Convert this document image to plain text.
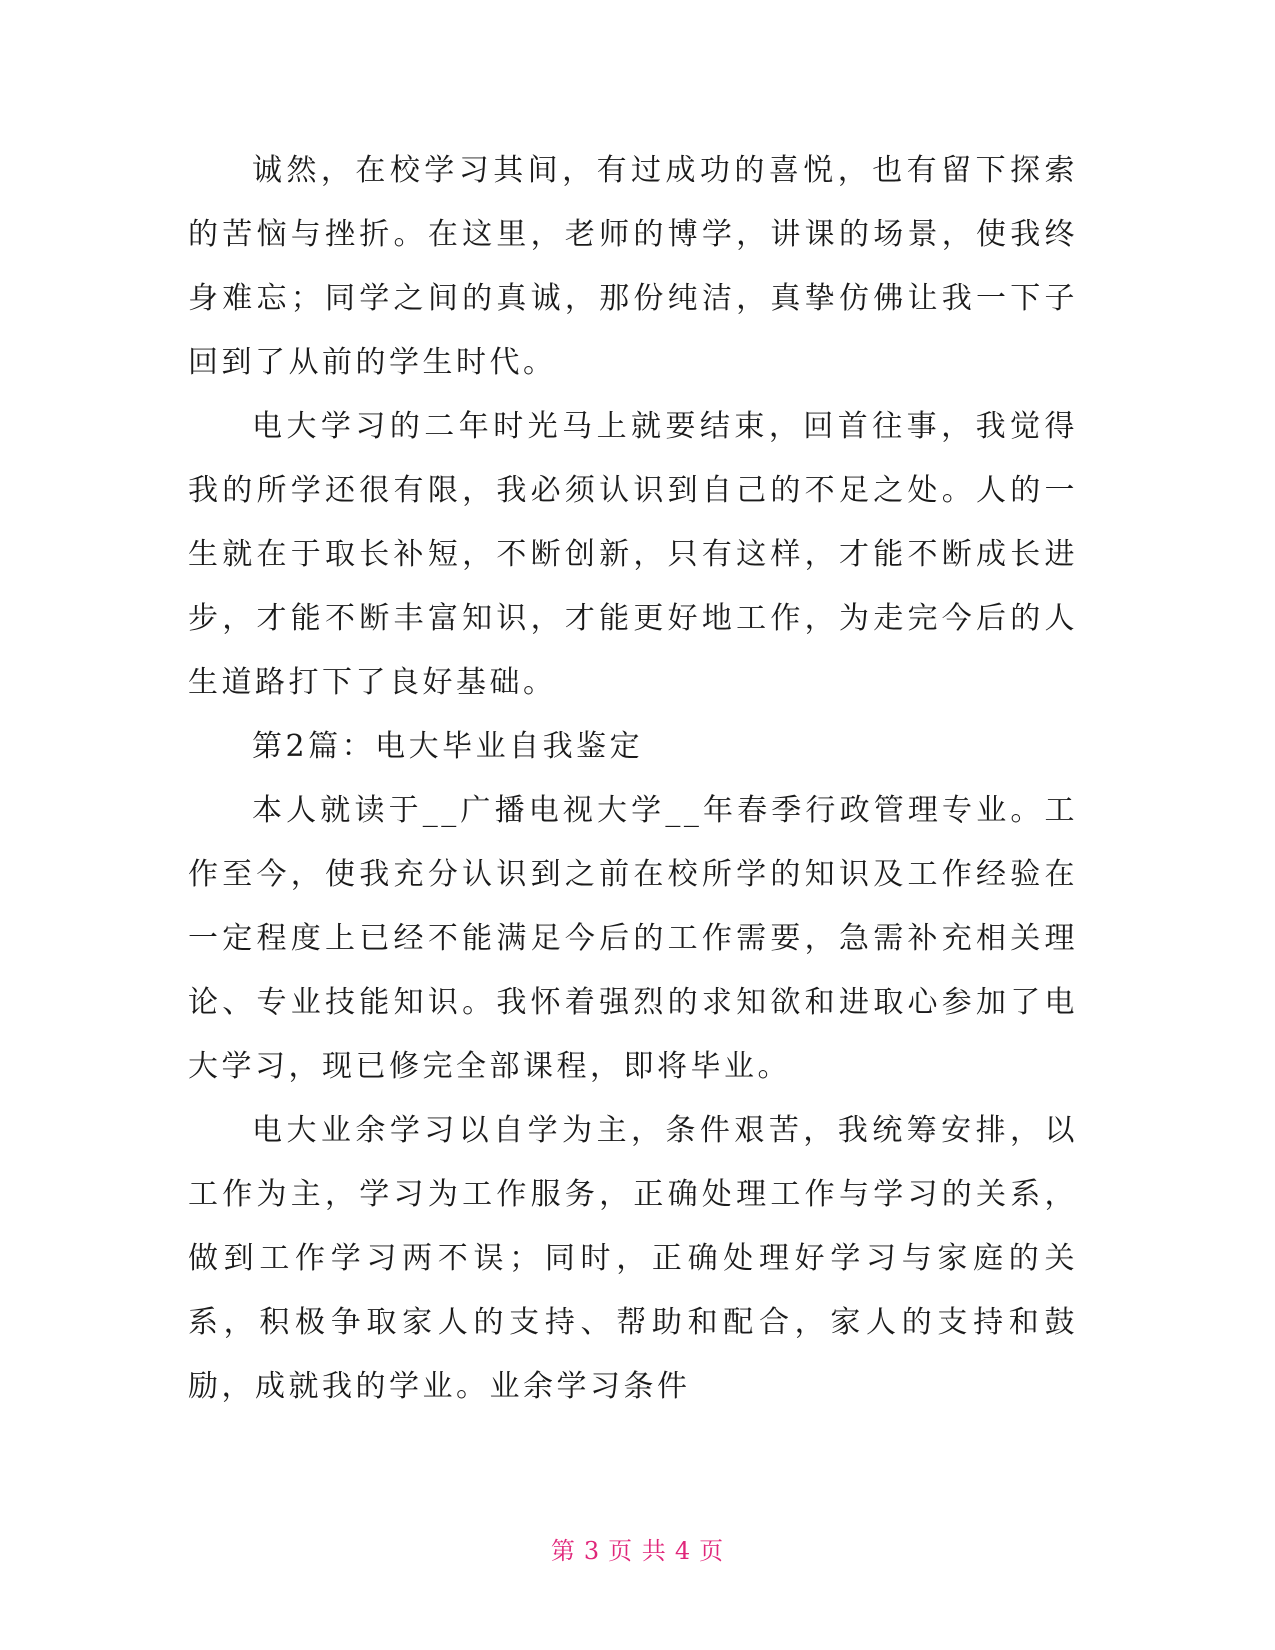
诚然，在校学习其间，有过成功的喜悦，也有留下探索的苦恼与挫折。在这里，老师的博学，讲课的场景，使我终身难忘；同学之间的真诚，那份纯洁，真挚仿佛让我一下子回到了从前的学生时代。

电大学习的二年时光马上就要结束，回首往事，我觉得我的所学还很有限，我必须认识到自己的不足之处。人的一生就在于取长补短，不断创新，只有这样，才能不断成长进步，才能不断丰富知识，才能更好地工作，为走完今后的人生道路打下了良好基础。

第2篇：电大毕业自我鉴定

本人就读于__广播电视大学__年春季行政管理专业。工作至今，使我充分认识到之前在校所学的知识及工作经验在一定程度上已经不能满足今后的工作需要，急需补充相关理论、专业技能知识。我怀着强烈的求知欲和进取心参加了电大学习，现已修完全部课程，即将毕业。

电大业余学习以自学为主，条件艰苦，我统筹安排，以工作为主，学习为工作服务，正确处理工作与学习的关系，做到工作学习两不误；同时，正确处理好学习与家庭的关系，积极争取家人的支持、帮助和配合，家人的支持和鼓励，成就我的学业。业余学习条件

第 3 页 共 4 页
